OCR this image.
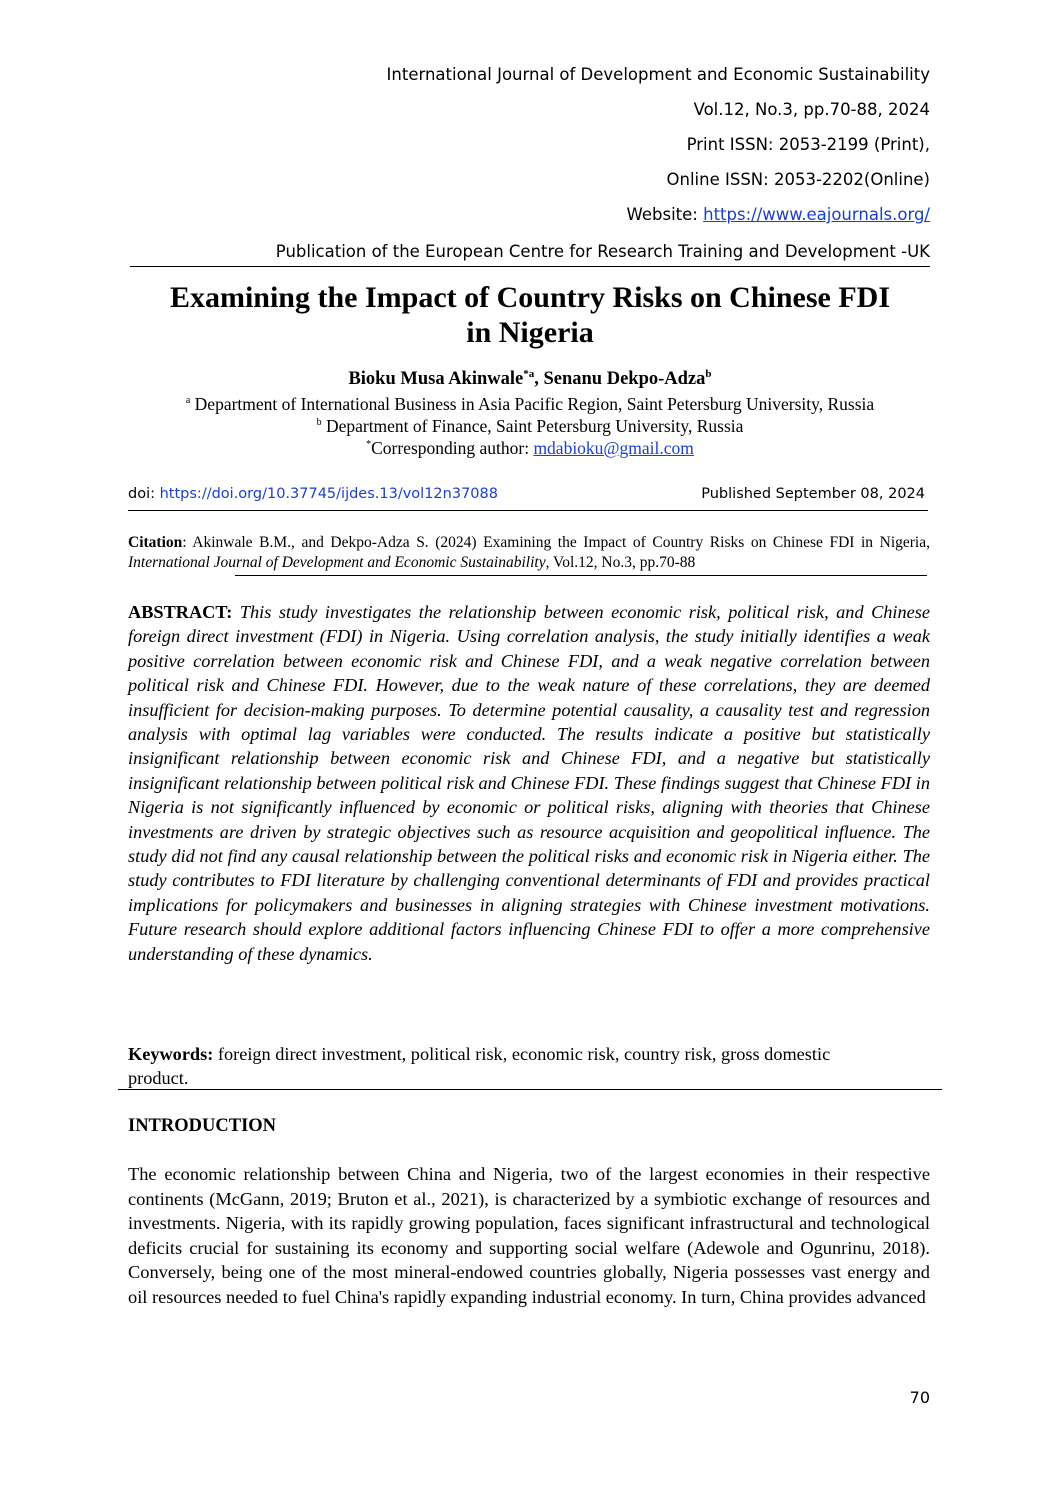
International Journal of Development and Economic Sustainability
Vol.12, No.3, pp.70-88, 2024
Print ISSN: 2053-2199 (Print),
Online ISSN: 2053-2202(Online)
Website: https://www.eajournals.org/
Publication of the European Centre for Research Training and Development -UK
Examining the Impact of Country Risks on Chinese FDI
in Nigeria
Bioku Musa Akinwale$^{*a}$, Senanu Dekpo-Adza$^b$
$^a$ Department of International Business in Asia Pacific Region, Saint Petersburg University, Russia
$^b$ Department of Finance, Saint Petersburg University, Russia
*Corresponding author: mdabioku@gmail.com
doi: https://doi.org/10.37745/ijdes.13/vol12n37088	Published September 08, 2024
Citation: Akinwale B.M., and Dekpo-Adza S. (2024) Examining the Impact of Country Risks on Chinese FDI in Nigeria, International Journal of Development and Economic Sustainability, Vol.12, No.3, pp.70-88
ABSTRACT: This study investigates the relationship between economic risk, political risk, and Chinese foreign direct investment (FDI) in Nigeria. Using correlation analysis, the study initially identifies a weak positive correlation between economic risk and Chinese FDI, and a weak negative correlation between political risk and Chinese FDI. However, due to the weak nature of these correlations, they are deemed insufficient for decision-making purposes. To determine potential causality, a causality test and regression analysis with optimal lag variables were conducted. The results indicate a positive but statistically insignificant relationship between economic risk and Chinese FDI, and a negative but statistically insignificant relationship between political risk and Chinese FDI. These findings suggest that Chinese FDI in Nigeria is not significantly influenced by economic or political risks, aligning with theories that Chinese investments are driven by strategic objectives such as resource acquisition and geopolitical influence. The study did not find any causal relationship between the political risks and economic risk in Nigeria either. The study contributes to FDI literature by challenging conventional determinants of FDI and provides practical implications for policymakers and businesses in aligning strategies with Chinese investment motivations. Future research should explore additional factors influencing Chinese FDI to offer a more comprehensive understanding of these dynamics.
Keywords: foreign direct investment, political risk, economic risk, country risk, gross domestic product.
INTRODUCTION
The economic relationship between China and Nigeria, two of the largest economies in their respective continents (McGann, 2019; Bruton et al., 2021), is characterized by a symbiotic exchange of resources and investments. Nigeria, with its rapidly growing population, faces significant infrastructural and technological deficits crucial for sustaining its economy and supporting social welfare (Adewole and Ogunrinu, 2018). Conversely, being one of the most mineral-endowed countries globally, Nigeria possesses vast energy and oil resources needed to fuel China's rapidly expanding industrial economy. In turn, China provides advanced
70
